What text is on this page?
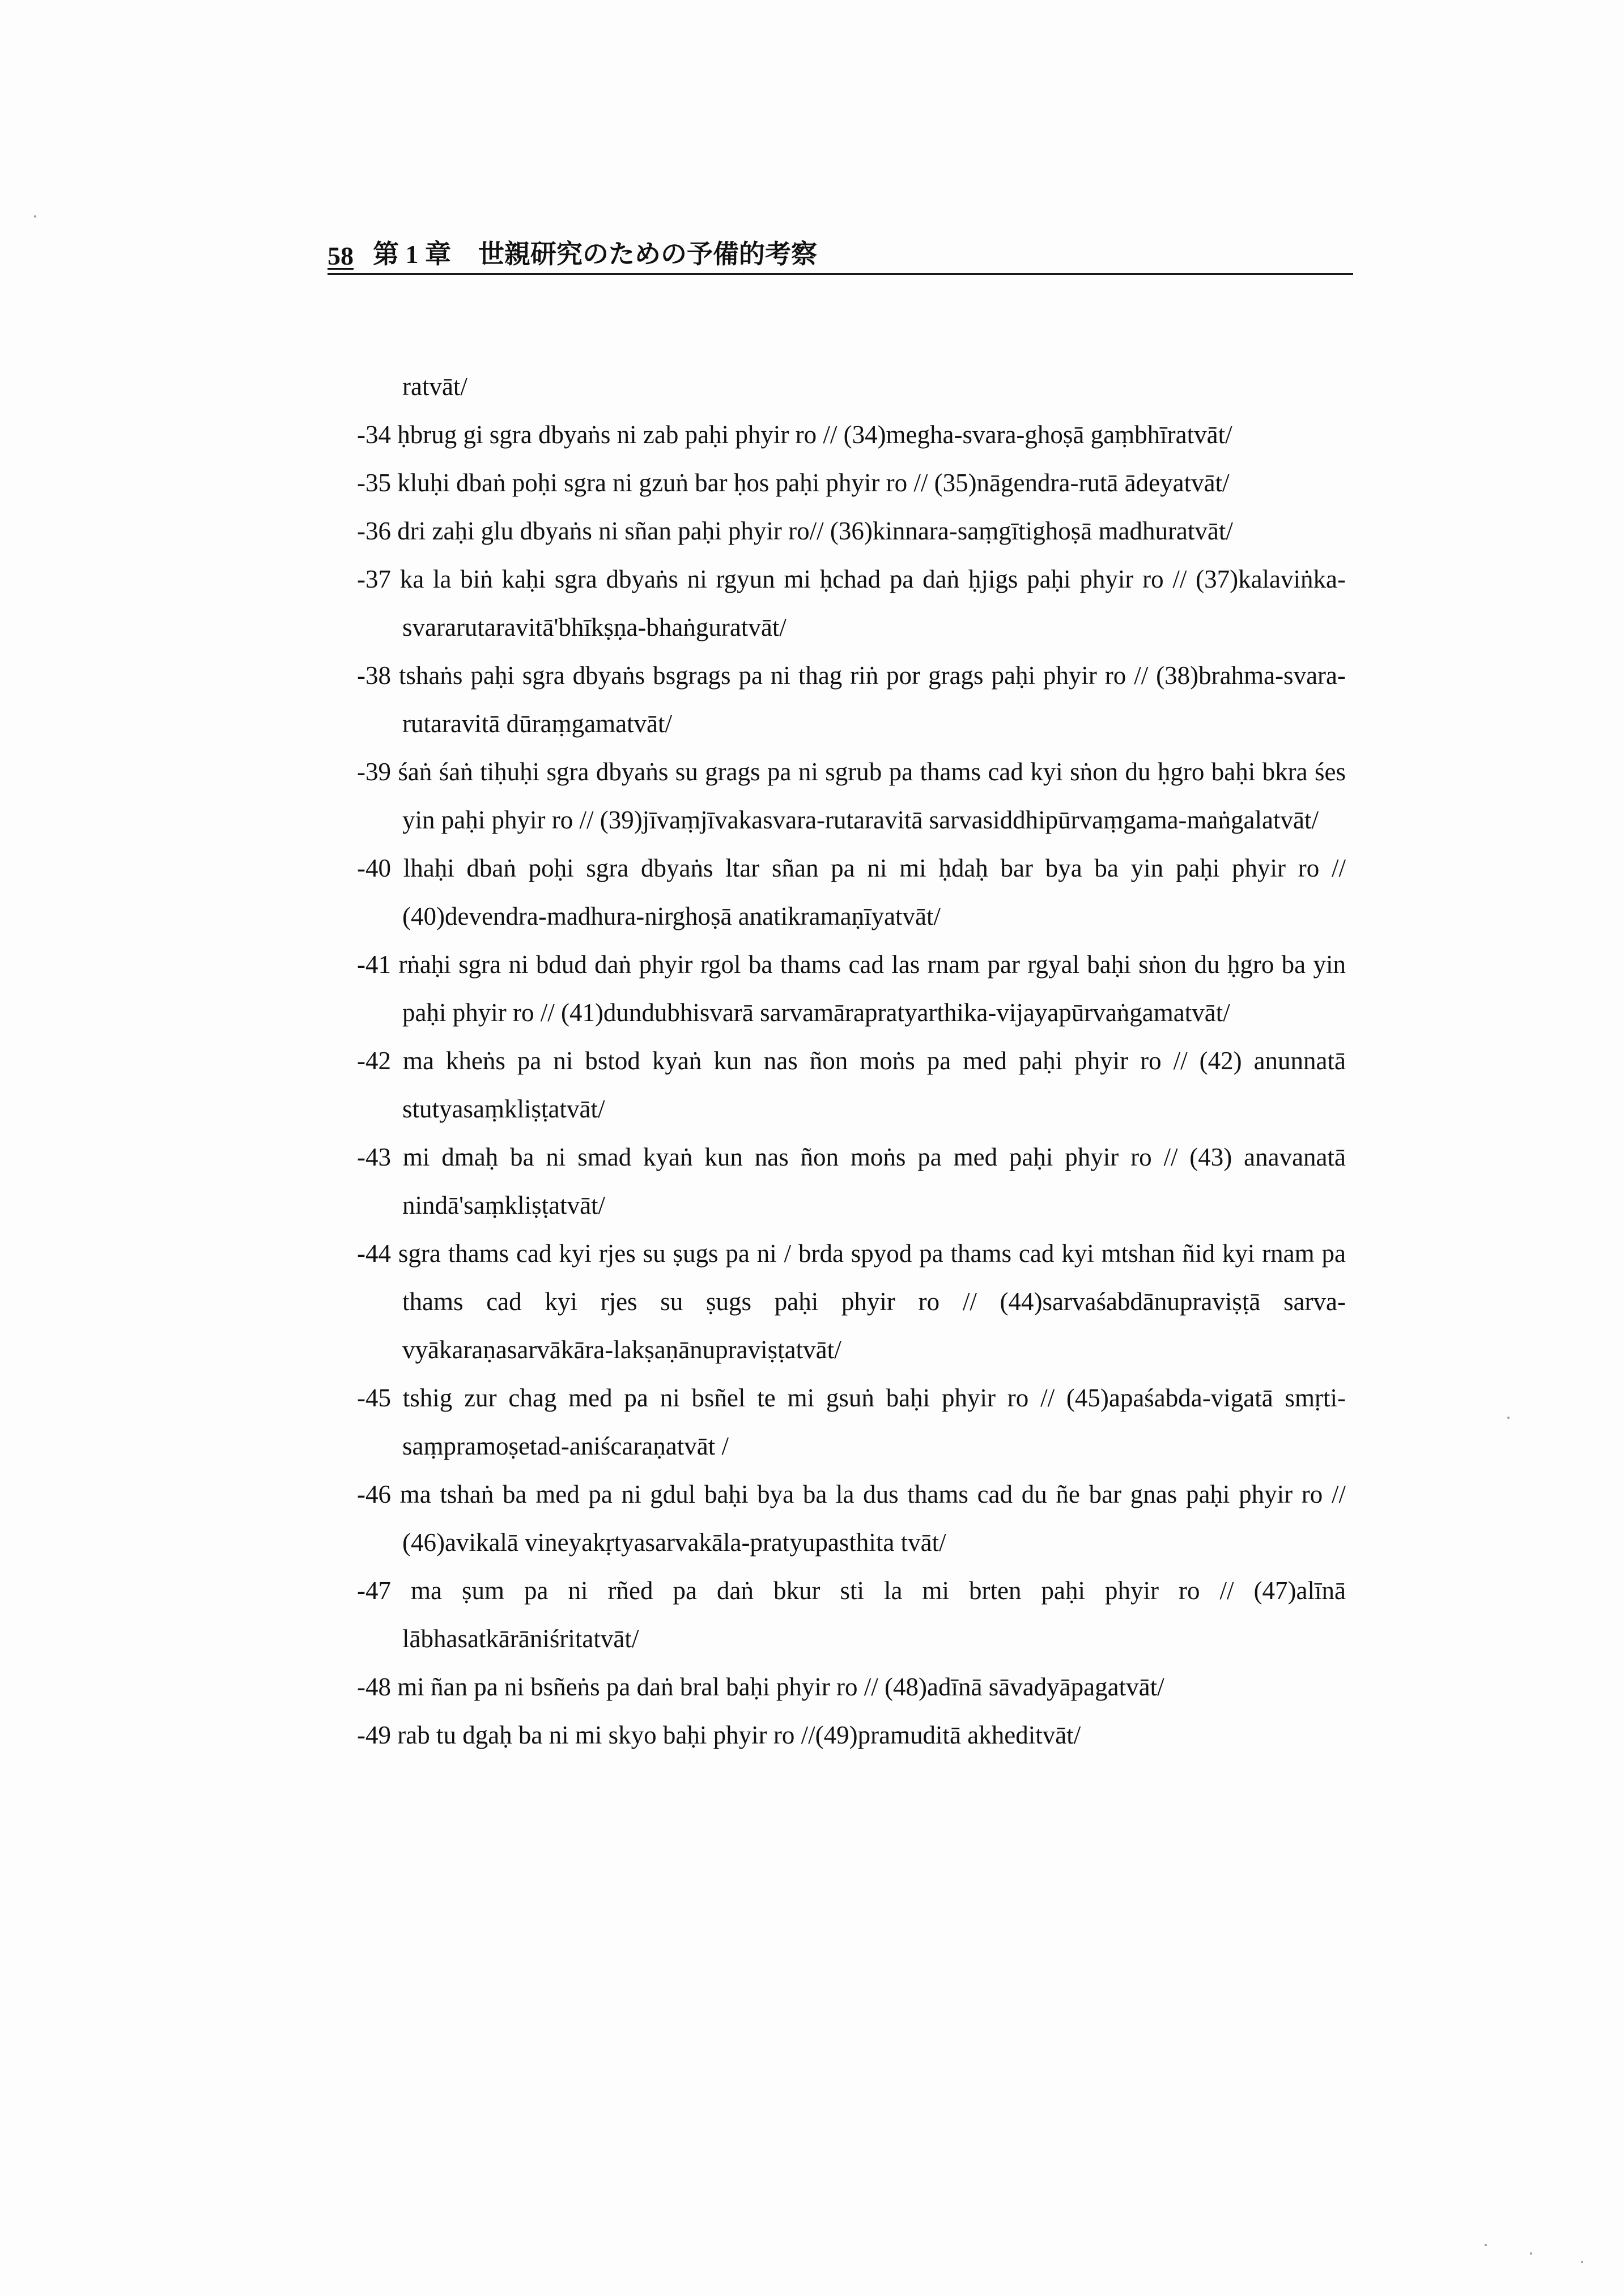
58 第 1 章 世親研究のための予備的考察

ratvāt/

-34 ḥbrug gi sgra dbyaṅs ni zab paḥi phyir ro // (34)megha-svara-ghoṣā gaṃbhīratvāt/

-35 kluḥi dbaṅ poḥi sgra ni gzuṅ bar ḥos paḥi phyir ro // (35)nāgendra-rutā ādeyatvāt/

-36 dri zaḥi glu dbyaṅs ni sñan paḥi phyir ro// (36)kinnara-saṃgītighoṣā madhuratvāt/

-37 ka la biṅ kaḥi sgra dbyaṅs ni rgyun mi ḥchad pa daṅ ḥjigs paḥi phyir ro // (37)kalaviṅka-svararutaravitā'bhīkṣṇa-bhaṅguratvāt/

-38 tshaṅs paḥi sgra dbyaṅs bsgrags pa ni thag riṅ por grags paḥi phyir ro // (38)brahma-svara-rutaravitā dūraṃgamatvāt/

-39 śaṅ śaṅ tiḥuḥi sgra dbyaṅs su grags pa ni sgrub pa thams cad kyi sṅon du ḥgro baḥi bkra śes yin paḥi phyir ro // (39)jīvaṃjīvakasvara-rutaravitā sarvasiddhipūrvaṃgama-maṅgalatvāt/

-40 lhaḥi dbaṅ poḥi sgra dbyaṅs ltar sñan pa ni mi ḥdaḥ bar bya ba yin paḥi phyir ro // (40)devendra-madhura-nirghoṣā anatikramaṇīyatvāt/

-41 rṅaḥi sgra ni bdud daṅ phyir rgol ba thams cad las rnam par rgyal baḥi sṅon du ḥgro ba yin paḥi phyir ro // (41)dundubhisvarā sarvamārapratyarthika-vijayapūrvaṅgamatvāt/

-42 ma kheṅs pa ni bstod kyaṅ kun nas ñon moṅs pa med paḥi phyir ro // (42) anunnatā stutyasaṃkliṣṭatvāt/

-43 mi dmaḥ ba ni smad kyaṅ kun nas ñon moṅs pa med paḥi phyir ro // (43) anavanatā nindā'saṃkliṣṭatvāt/

-44 sgra thams cad kyi rjes su ṣugs pa ni / brda spyod pa thams cad kyi mtshan ñid kyi rnam pa thams cad kyi rjes su ṣugs paḥi phyir ro // (44)sarvaśabdānupraviṣṭā sarva-vyākaraṇasarvākāra-lakṣaṇānupraviṣṭatvāt/

-45 tshig zur chag med pa ni bsñel te mi gsuṅ baḥi phyir ro // (45)apaśabda-vigatā smṛti-saṃpramoṣetad-aniścaraṇatvāt /

-46 ma tshaṅ ba med pa ni gdul baḥi bya ba la dus thams cad du ñe bar gnas paḥi phyir ro // (46)avikalā vineyakṛtyasarvakāla-pratyupasthita tvāt/

-47 ma ṣum pa ni rñed pa daṅ bkur sti la mi brten paḥi phyir ro // (47)alīnā lābhasatkārāniśritatvāt/

-48 mi ñan pa ni bsñeṅs pa daṅ bral baḥi phyir ro // (48)adīnā sāvadyāpagatvāt/

-49 rab tu dgaḥ ba ni mi skyo baḥi phyir ro //(49)pramuditā akheditvāt/
